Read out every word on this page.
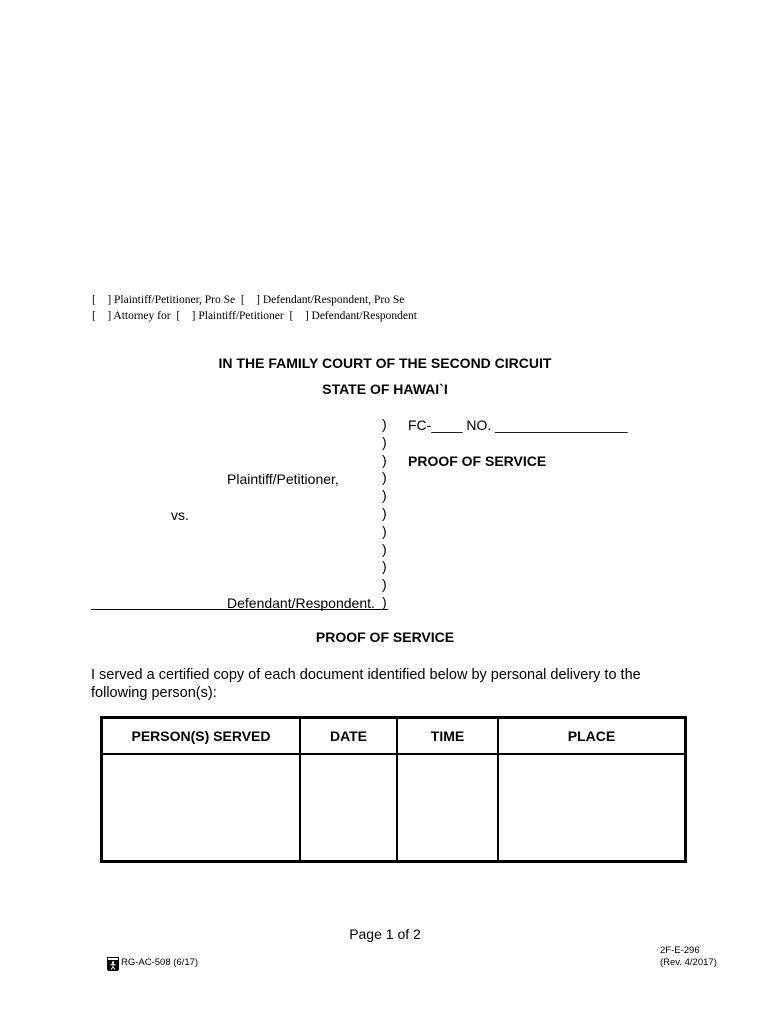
[    ] Plaintiff/Petitioner, Pro Se  [    ] Defendant/Respondent, Pro Se
[    ] Attorney for  [    ] Plaintiff/Petitioner  [    ] Defendant/Respondent
IN THE FAMILY COURT OF THE SECOND CIRCUIT
STATE OF HAWAI`I
)
)
)
)
)
)
)
)
)
)
)
FC-____ NO. _________________
PROOF OF SERVICE
Plaintiff/Petitioner,
vs.
Defendant/Respondent.
PROOF OF SERVICE
I served a certified copy of each document identified below by personal delivery to the following person(s):
PERSON(S) SERVED	DATE	TIME	PLACE

Page 1 of 2
2F-E-296
(Rev. 4/2017)
RG-AC-508 (6/17)
